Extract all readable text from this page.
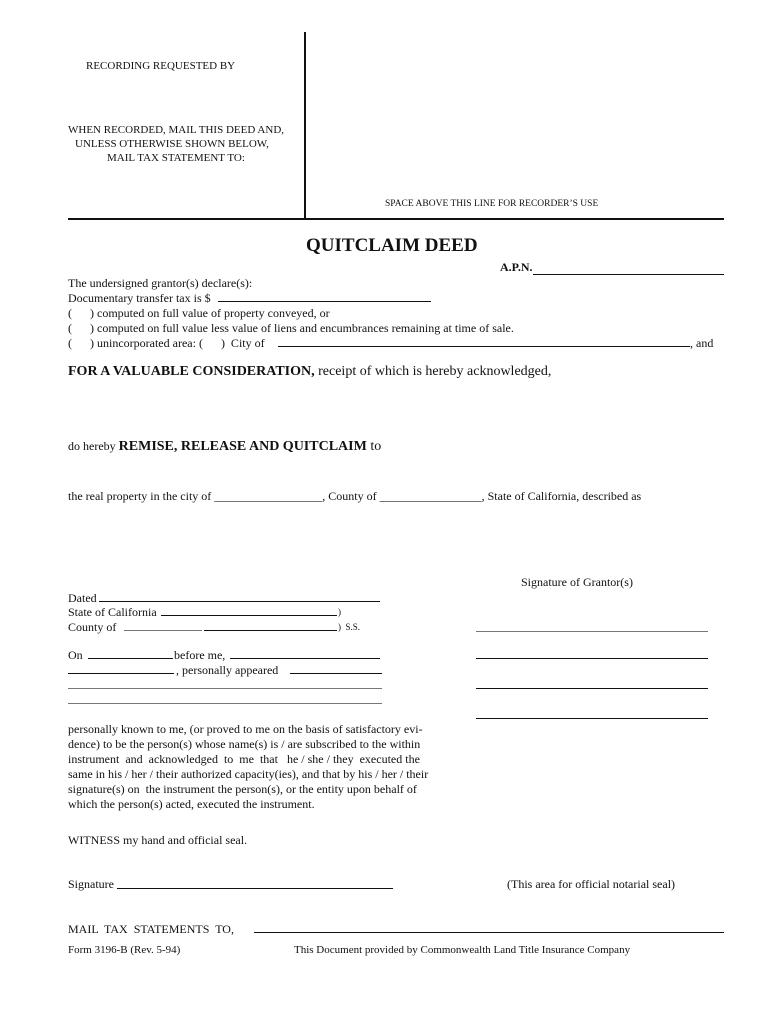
RECORDING REQUESTED BY
WHEN RECORDED, MAIL THIS DEED AND,
UNLESS OTHERWISE SHOWN BELOW,
MAIL TAX STATEMENT TO:
SPACE ABOVE THIS LINE FOR RECORDER’S USE
QUITCLAIM DEED
A.P.N.
The undersigned grantor(s) declare(s):
Documentary transfer tax is $
( ) computed on full value of property conveyed, or
( ) computed on full value less value of liens and encumbrances remaining at time of sale.
( ) unincorporated area: (      )  City of	, and
FOR A VALUABLE CONSIDERATION, receipt of which is hereby acknowledged,
do hereby REMISE, RELEASE AND QUITCLAIM to
the real property in the city of __________________, County of _________________, State of California, described as
Signature of Grantor(s)
Dated
State of California	)
County of	)  S.S.
On	before me,
, personally appeared
personally known to me, (or proved to me on the basis of satisfactory evi-
dence) to be the person(s) whose name(s) is / are subscribed to the within
instrument  and  acknowledged  to  me  that   he / she / they  executed the
same in his / her / their authorized capacity(ies), and that by his / her / their
signature(s) on  the instrument the person(s), or the entity upon behalf of
which the person(s) acted, executed the instrument.
WITNESS my hand and official seal.
Signature	(This area for official notarial seal)
MAIL  TAX  STATEMENTS  TO,
Form 3196-B (Rev. 5-94)	This Document provided by Commonwealth Land Title Insurance Company
